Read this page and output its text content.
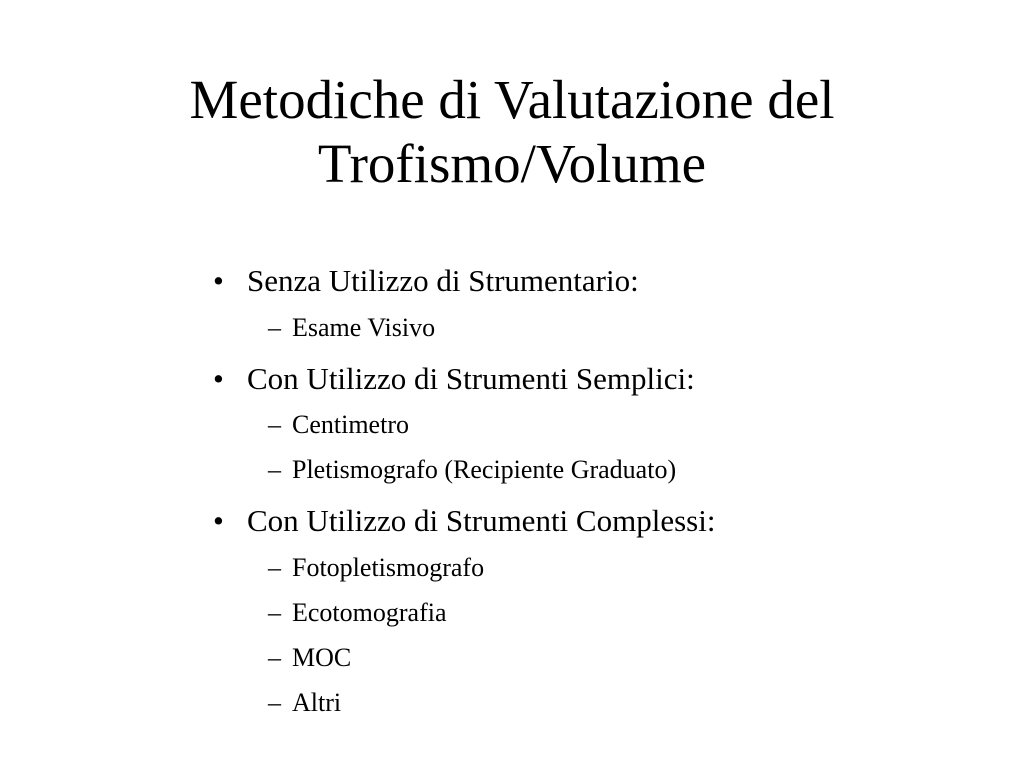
Metodiche di Valutazione del
Trofismo/Volume
• Senza Utilizzo di Strumentario:
– Esame Visivo
• Con Utilizzo di Strumenti Semplici:
– Centimetro
– Pletismografo (Recipiente Graduato)
• Con Utilizzo di Strumenti Complessi:
– Fotopletismografo
– Ecotomografia
– MOC
– Altri
